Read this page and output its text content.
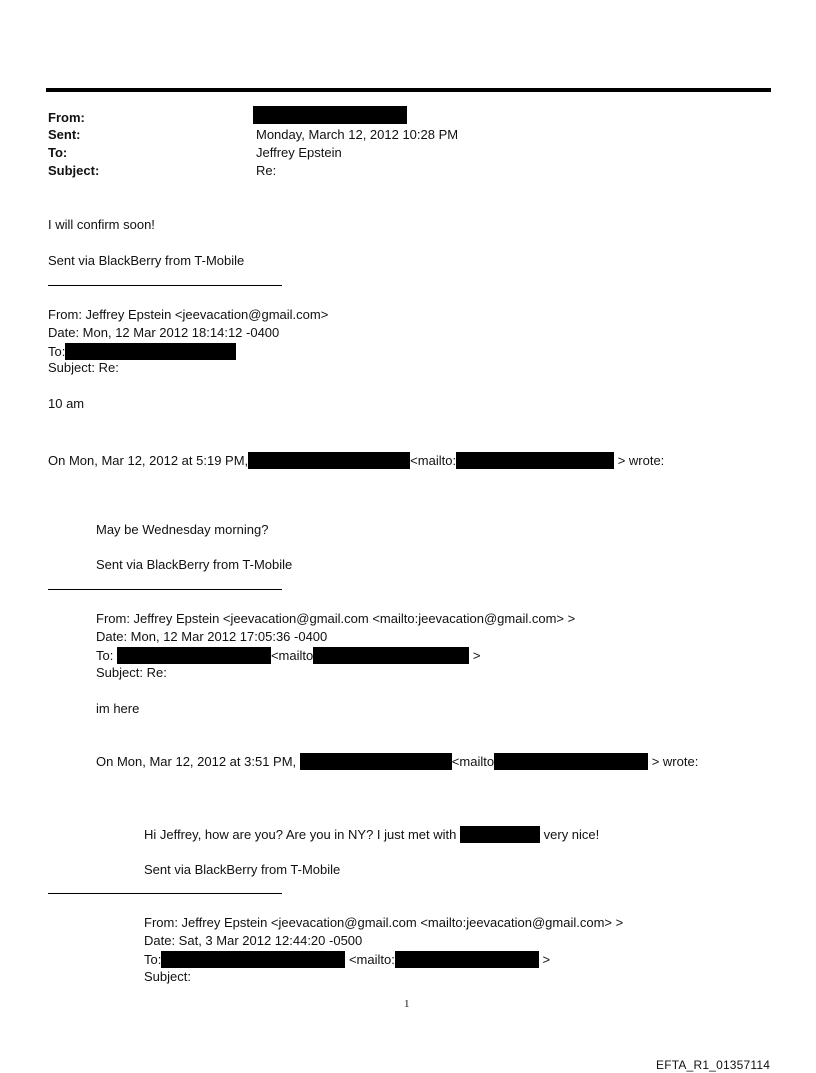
From:
Sent:	Monday, March 12, 2012 10:28 PM
To:	Jeffrey Epstein
Subject:	Re:
I will confirm soon!
Sent via BlackBerry from T-Mobile
From: Jeffrey Epstein <jeevacation@gmail.com>
Date: Mon, 12 Mar 2012 18:14:12 -0400
To:
Subject: Re:
10 am
On Mon, Mar 12, 2012 at 5:19 PM,	<mailto:	> wrote:
May be Wednesday morning?
Sent via BlackBerry from T-Mobile
From: Jeffrey Epstein <jeevacation@gmail.com <mailto:jeevacation@gmail.com> >
Date: Mon, 12 Mar 2012 17:05:36 -0400
To:	<mailto	>
Subject: Re:
im here
On Mon, Mar 12, 2012 at 3:51 PM,	<mailto	> wrote:
Hi Jeffrey, how are you? Are you in NY? I just met with	very nice!
Sent via BlackBerry from T-Mobile
From: Jeffrey Epstein <jeevacation@gmail.com <mailto:jeevacation@gmail.com> >
Date: Sat, 3 Mar 2012 12:44:20 -0500
To:	<mailto:	>
Subject:
1
EFTA_R1_01357114
